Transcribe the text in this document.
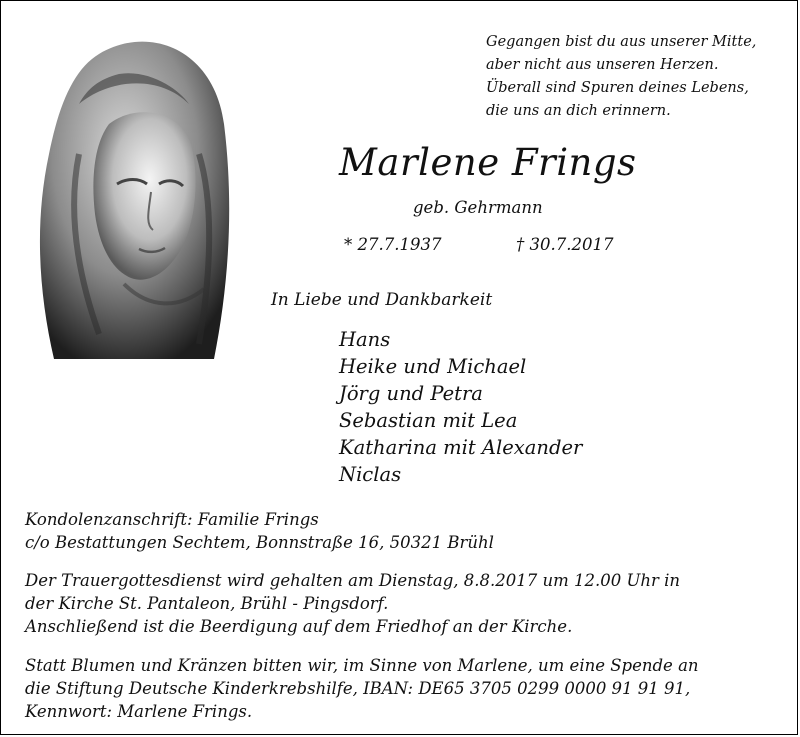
Gegangen bist du aus unserer Mitte,
aber nicht aus unseren Herzen.
Überall sind Spuren deines Lebens,
die uns an dich erinnern.
Marlene Frings
geb. Gehrmann
* 27.7.1937	† 30.7.2017
In Liebe und Dankbarkeit
Hans
Heike und Michael
Jörg und Petra
Sebastian mit Lea
Katharina mit Alexander
Niclas
Kondolenzanschrift: Familie Frings
c/o Bestattungen Sechtem, Bonnstraße 16, 50321 Brühl
Der Trauergottesdienst wird gehalten am Dienstag, 8.8.2017 um 12.00 Uhr in
der Kirche St. Pantaleon, Brühl - Pingsdorf.
Anschließend ist die Beerdigung auf dem Friedhof an der Kirche.
Statt Blumen und Kränzen bitten wir, im Sinne von Marlene, um eine Spende an
die Stiftung Deutsche Kinderkrebshilfe, IBAN: DE65 3705 0299 0000 91 91 91,
Kennwort: Marlene Frings.
